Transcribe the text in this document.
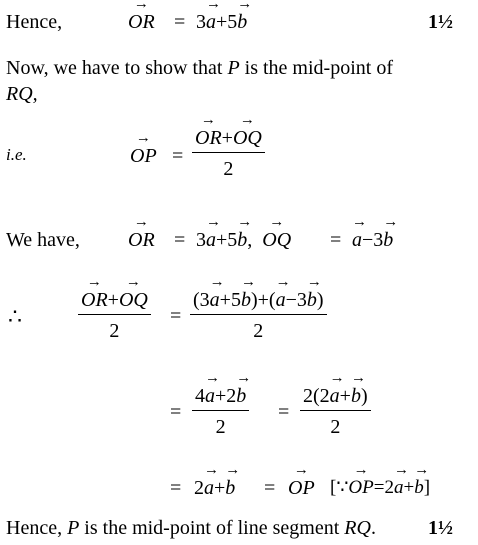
Hence,	→ OR = 3→ a+5→ b	1½
Now, we have to show that P is the mid-point of
RQ,
i.e.	→ OP =
→ OR+→ OQ
2
We have, → OR = 3→ a+5→ b, → OQ = → a−3→ b
∴
→ OR+→ OQ
2
=
(3→ a+5→ b)+(→ a−3→ b)
2
=
4→ a+2→ b
2
=
2(2→ a+→ b)
2
= 2→ a+→ b = → OP [∵→ OP=2→ a+→ b]
Hence, P is the mid-point of line segment RQ.	1½
